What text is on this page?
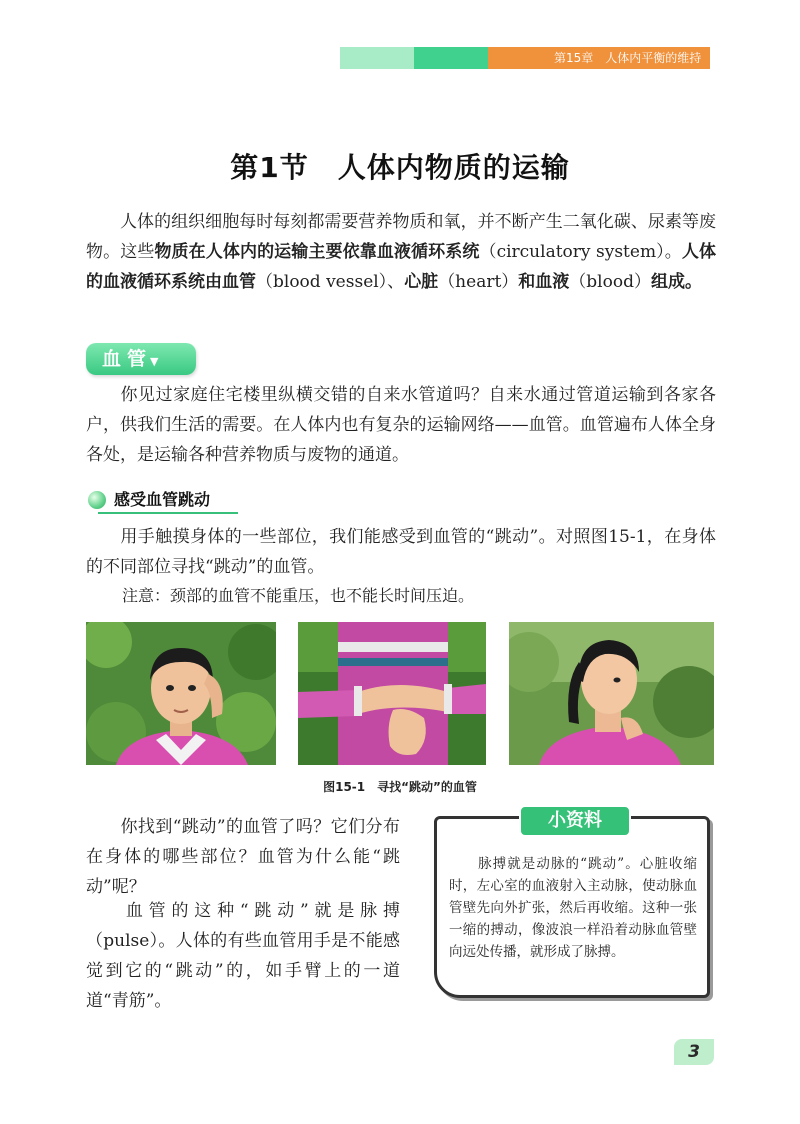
第15章　人体内平衡的维持
第1节　人体内物质的运输
人体的组织细胞每时每刻都需要营养物质和氧，并不断产生二氧化碳、尿素等废物。这些物质在人体内的运输主要依靠血液循环系统（circulatory system）。人体的血液循环系统由血管（blood vessel）、心脏（heart）和血液（blood）组成。
血管▼
你见过家庭住宅楼里纵横交错的自来水管道吗？自来水通过管道运输到各家各户，供我们生活的需要。在人体内也有复杂的运输网络——血管。血管遍布人体全身各处，是运输各种营养物质与废物的通道。
感受血管跳动
用手触摸身体的一些部位，我们能感受到血管的“跳动”。对照图15-1，在身体的不同部位寻找“跳动”的血管。
注意：颈部的血管不能重压，也不能长时间压迫。
图15-1　寻找“跳动”的血管
你找到“跳动”的血管了吗？它们分布在身体的哪些部位？血管为什么能“跳动”呢？
血管的这种“跳动”就是脉搏（pulse）。人体的有些血管用手是不能感觉到它的“跳动”的，如手臂上的一道道“青筋”。
小资料
脉搏就是动脉的“跳动”。心脏收缩时，左心室的血液射入主动脉，使动脉血管壁先向外扩张，然后再收缩。这种一张一缩的搏动，像波浪一样沿着动脉血管壁向远处传播，就形成了脉搏。
3
